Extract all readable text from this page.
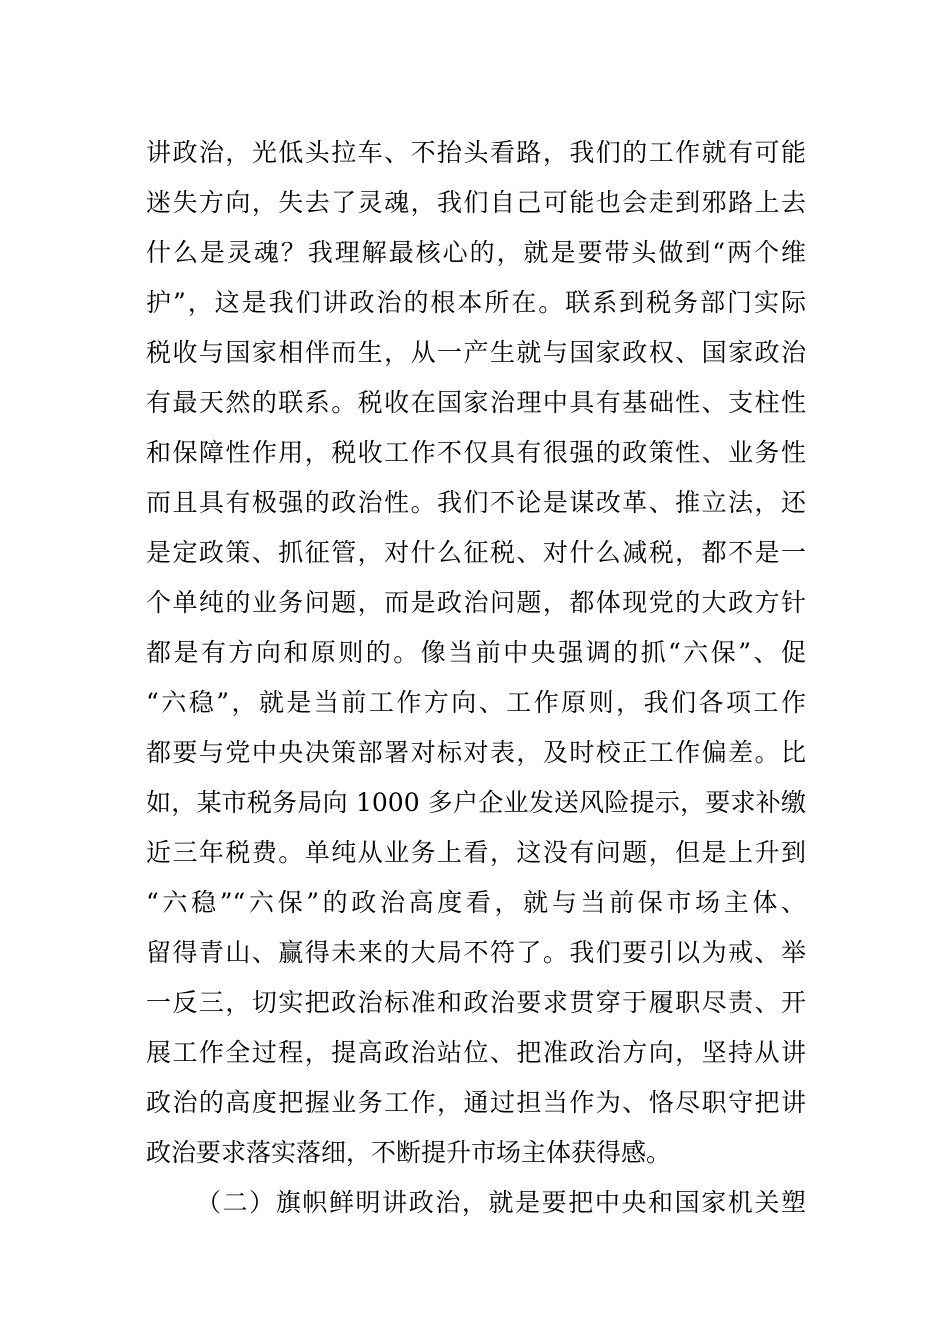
讲政治，光低头拉车、不抬头看路，我们的工作就有可能
迷失方向，失去了灵魂，我们自己可能也会走到邪路上去
什么是灵魂？我理解最核心的，就是要带头做到“两个维
护”，这是我们讲政治的根本所在。联系到税务部门实际
税收与国家相伴而生，从一产生就与国家政权、国家政治
有最天然的联系。税收在国家治理中具有基础性、支柱性
和保障性作用，税收工作不仅具有很强的政策性、业务性
而且具有极强的政治性。我们不论是谋改革、推立法，还
是定政策、抓征管，对什么征税、对什么减税，都不是一
个单纯的业务问题，而是政治问题，都体现党的大政方针
都是有方向和原则的。像当前中央强调的抓“六保”、促
“六稳”，就是当前工作方向、工作原则，我们各项工作
都要与党中央决策部署对标对表，及时校正工作偏差。比
如，某市税务局向 1000 多户企业发送风险提示，要求补缴
近三年税费。单纯从业务上看，这没有问题，但是上升到
“六稳”“六保”的政治高度看，就与当前保市场主体、
留得青山、赢得未来的大局不符了。我们要引以为戒、举
一反三，切实把政治标准和政治要求贯穿于履职尽责、开
展工作全过程，提高政治站位、把准政治方向，坚持从讲
政治的高度把握业务工作，通过担当作为、恪尽职守把讲
政治要求落实落细，不断提升市场主体获得感。
（二）旗帜鲜明讲政治，就是要把中央和国家机关塑
